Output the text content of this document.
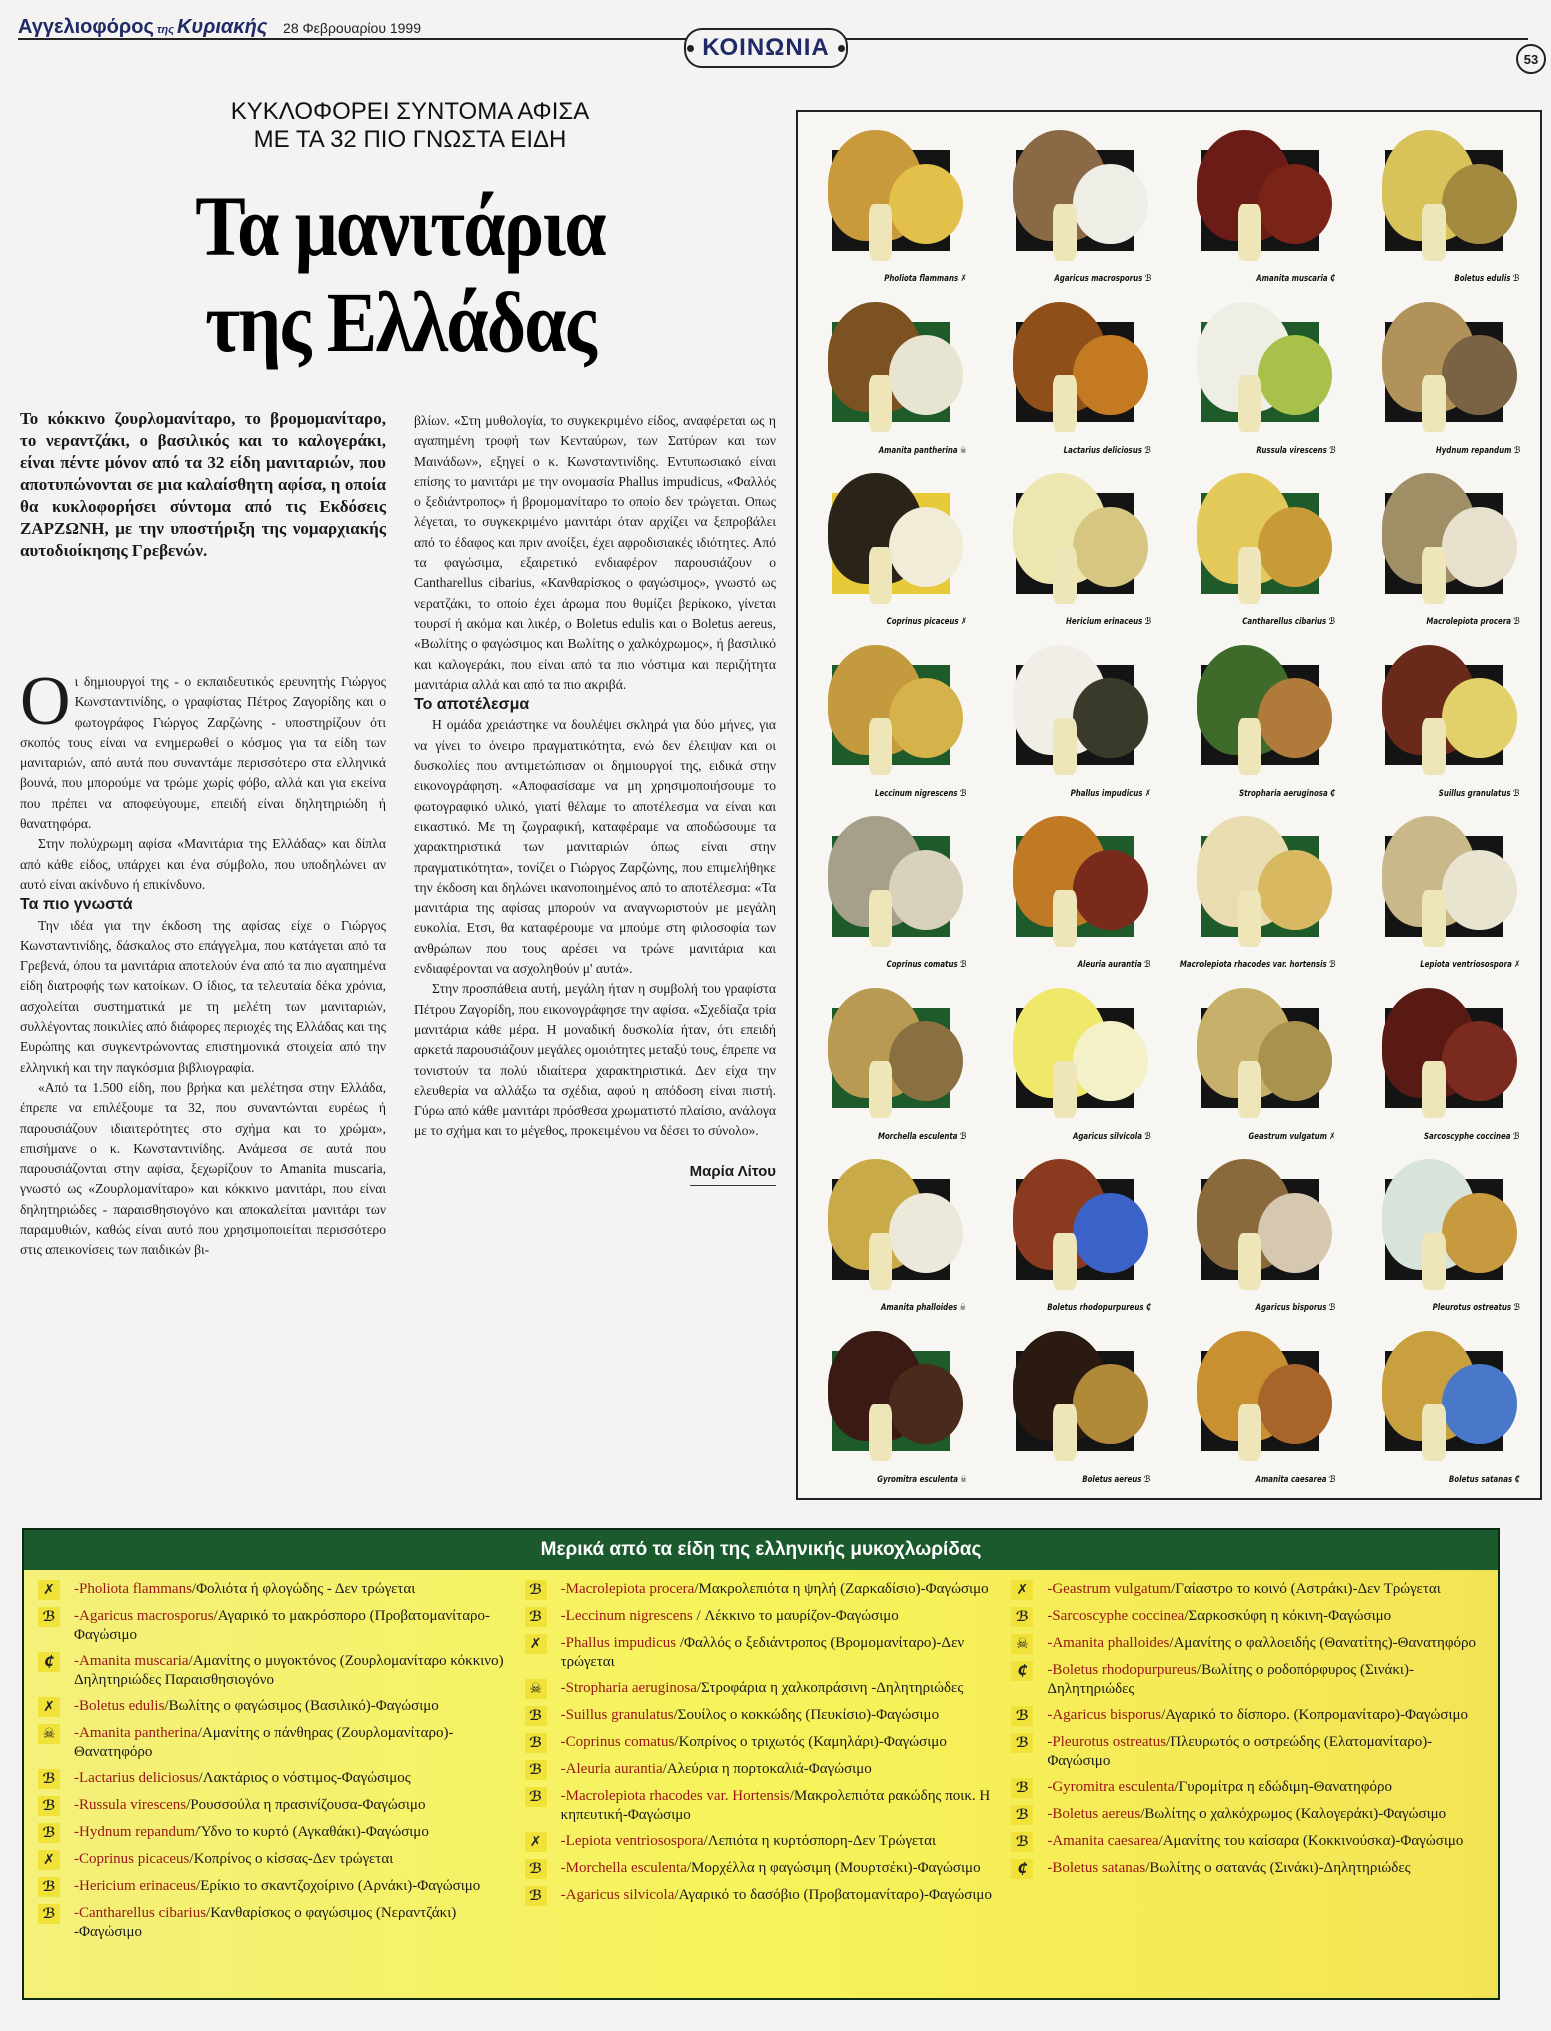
Αγγελιοφόρος της Κυριακής 28 Φεβρουαρίου 1999
ΚΟΙΝΩΝΙΑ	53
ΚΥΚΛΟΦΟΡΕΙ ΣΥΝΤΟΜΑ ΑΦΙΣΑ
ΜΕ ΤΑ 32 ΠΙΟ ΓΝΩΣΤΑ ΕΙΔΗ
Τα μανιτάρια
της Ελλάδας
Το κόκκινο ζουρλομανίταρο, το βρομομανίταρο, το νεραντζάκι, ο βασιλικός και το καλογεράκι, είναι πέντε μόνον από τα 32 είδη μανιταριών, που αποτυπώνονται σε μια καλαίσθητη αφίσα, η οποία θα κυκλοφορήσει σύντομα από τις Εκδόσεις ΖΑΡΖΩΝΗ, με την υποστήριξη της νομαρχιακής αυτοδιοίκησης Γρεβενών.

Οι δημιουργοί της - ο εκπαιδευτικός ερευνητής Γιώργος Κωνσταντινίδης, ο γραφίστας Πέτρος Ζαγορίδης και ο φωτογράφος Γιώργος Ζαρζώνης - υποστηρίζουν ότι σκοπός τους είναι να ενημερωθεί ο κόσμος για τα είδη των μανιταριών, από αυτά που συναντάμε περισσότερο στα ελληνικά βουνά, που μπορούμε να τρώμε χωρίς φόβο, αλλά και για εκείνα που πρέπει να αποφεύγουμε, επειδή είναι δηλητηριώδη ή θανατηφόρα.

Στην πολύχρωμη αφίσα «Μανιτάρια της Ελλάδας» και δίπλα από κάθε είδος, υπάρχει και ένα σύμβολο, που υποδηλώνει αν αυτό είναι ακίνδυνο ή επικίνδυνο.

Τα πιο γνωστά

Την ιδέα για την έκδοση της αφίσας είχε ο Γιώργος Κωνσταντινίδης, δάσκαλος στο επάγγελμα, που κατάγεται από τα Γρεβενά, όπου τα μανιτάρια αποτελούν ένα από τα πιο αγαπημένα είδη διατροφής των κατοίκων. Ο ίδιος, τα τελευταία δέκα χρόνια, ασχολείται συστηματικά με τη μελέτη των μανιταριών, συλλέγοντας ποικιλίες από διάφορες περιοχές της Ελλάδας και της Ευρώπης και συγκεντρώνοντας επιστημονικά στοιχεία από την ελληνική και την παγκόσμια βιβλιογραφία.

«Από τα 1.500 είδη, που βρήκα και μελέτησα στην Ελλάδα, έπρεπε να επιλέξουμε τα 32, που συναντώνται ευρέως ή παρουσιάζουν ιδιαιτερότητες στο σχήμα και το χρώμα», επισήμανε ο κ. Κωνσταντινίδης. Ανάμεσα σε αυτά που παρουσιάζονται στην αφίσα, ξεχωρίζουν το Amanita muscaria, γνωστό ως «Ζουρλομανίταρο» και κόκκινο μανιτάρι, που είναι δηλητηριώδες - παραισθησιογόνο και αποκαλείται μανιτάρι των παραμυθιών, καθώς είναι αυτό που χρησιμοποιείται περισσότερο στις απεικονίσεις των παιδικών βι-

βλίων. «Στη μυθολογία, το συγκεκριμένο είδος, αναφέρεται ως η αγαπημένη τροφή των Κενταύρων, των Σατύρων και των Μαινάδων», εξηγεί ο κ. Κωνσταντινίδης. Εντυπωσιακό είναι επίσης το μανιτάρι με την ονομασία Phallus impudicus, «Φαλλός ο ξεδιάντροπος» ή βρομομανίταρο το οποίο δεν τρώγεται. Οπως λέγεται, το συγκεκριμένο μανιτάρι όταν αρχίζει να ξεπροβάλει από το έδαφος και πριν ανοίξει, έχει αφροδισιακές ιδιότητες. Από τα φαγώσιμα, εξαιρετικό ενδιαφέρον παρουσιάζουν ο Cantharellus cibarius, «Κανθαρίσκος ο φαγώσιμος», γνωστό ως νερατζάκι, το οποίο έχει άρωμα που θυμίζει βερίκοκο, γίνεται τουρσί ή ακόμα και λικέρ, ο Boletus edulis και ο Boletus aereus, «Βωλίτης ο φαγώσιμος και Βωλίτης ο χαλκόχρωμος», ή βασιλικό και καλογεράκι, που είναι από τα πιο νόστιμα και περιζήτητα μανιτάρια αλλά και από τα πιο ακριβά.

Το αποτέλεσμα

Η ομάδα χρειάστηκε να δουλέψει σκληρά για δύο μήνες, για να γίνει το όνειρο πραγματικότητα, ενώ δεν έλειψαν και οι δυσκολίες που αντιμετώπισαν οι δημιουργοί της, ειδικά στην εικονογράφηση. «Αποφασίσαμε να μη χρησιμοποιήσουμε το φωτογραφικό υλικό, γιατί θέλαμε το αποτέλεσμα να είναι και εικαστικό. Με τη ζωγραφική, καταφέραμε να αποδώσουμε τα χαρακτηριστικά των μανιταριών όπως είναι στην πραγματικότητα», τονίζει ο Γιώργος Ζαρζώνης, που επιμελήθηκε την έκδοση και δηλώνει ικανοποιημένος από το αποτέλεσμα: «Τα μανιτάρια της αφίσας μπορούν να αναγνωριστούν με μεγάλη ευκολία. Ετσι, θα καταφέρουμε να μπούμε στη φιλοσοφία των ανθρώπων που τους αρέσει να τρώνε μανιτάρια και ενδιαφέρονται να ασχοληθούν μ' αυτά».

Στην προσπάθεια αυτή, μεγάλη ήταν η συμβολή του γραφίστα Πέτρου Ζαγορίδη, που εικονογράφησε την αφίσα. «Σχεδίαζα τρία μανιτάρια κάθε μέρα. Η μοναδική δυσκολία ήταν, ότι επειδή αρκετά παρουσιάζουν μεγάλες ομοιότητες μεταξύ τους, έπρεπε να τονιστούν τα πολύ ιδιαίτερα χαρακτηριστικά. Δεν είχα την ελευθερία να αλλάξω τα σχέδια, αφού η απόδοση είναι πιστή. Γύρω από κάθε μανιτάρι πρόσθεσα χρωματιστό πλαίσιο, ανάλογα με το σχήμα και το μέγεθος, προκειμένου να δέσει το σύνολο».

Μαρία Λίτου
Pholiota flammans ✗	Agaricus macrosporus ℬ	Amanita muscaria ₵	Boletus edulis ℬ
Amanita pantherina ☠	Lactarius deliciosus ℬ	Russula virescens ℬ	Hydnum repandum ℬ
Coprinus picaceus ✗	Hericium erinaceus ℬ	Cantharellus cibarius ℬ	Macrolepiota procera ℬ
Leccinum nigrescens ℬ	Phallus impudicus ✗	Stropharia aeruginosa ₵	Suillus granulatus ℬ
Coprinus comatus ℬ	Aleuria aurantia ℬ	Macrolepiota rhacodes var. hortensis ℬ	Lepiota ventriosospora ✗
Morchella esculenta ℬ	Agaricus silvicola ℬ	Geastrum vulgatum ✗	Sarcoscyphe coccinea ℬ
Amanita phalloides ☠	Boletus rhodopurpureus ₵	Agaricus bisporus ℬ	Pleurotus ostreatus ℬ
Gyromitra esculenta ☠	Boletus aereus ℬ	Amanita caesarea ℬ	Boletus satanas ₵
Μερικά από τα είδη της ελληνικής μυκοχλωρίδας
✗	-Pholiota flammans/Φολιότα ή φλογώδης - Δεν τρώγεται
ℬ	-Agaricus macrosporus/Αγαρικό το μακρόσπορο (Προβατομανίταρο-Φαγώσιμο
₵	-Amanita muscaria/Αμανίτης ο μυγοκτόνος (Ζουρλομανίταρο κόκκινο) Δηλητηριώδες Παραισθησιογόνο
✗	-Boletus edulis/Βωλίτης ο φαγώσιμος (Βασιλικό)-Φαγώσιμο
☠	-Amanita pantherina/Αμανίτης ο πάνθηρας (Ζουρλομανίταρο)-Θανατηφόρο
ℬ	-Lactarius deliciosus/Λακτάριος ο νόστιμος-Φαγώσιμος
ℬ	-Russula virescens/Ρουσσούλα η πρασινίζουσα-Φαγώσιμο
ℬ	-Hydnum repandum/Ύδνο το κυρτό (Αγκαθάκι)-Φαγώσιμο
✗	-Coprinus picaceus/Κοπρίνος ο κίσσας-Δεν τρώγεται
ℬ	-Hericium erinaceus/Ερίκιο το σκαντζοχοίρινο (Αρνάκι)-Φαγώσιμο
ℬ	-Cantharellus cibarius/Κανθαρίσκος ο φαγώσιμος (Νεραντζάκι) -Φαγώσιμο
ℬ	-Macrolepiota procera/Μακρολεπιότα η ψηλή (Ζαρκαδίσιο)-Φαγώσιμο
ℬ	-Leccinum nigrescens / Λέκκινο το μαυρίζον-Φαγώσιμο
✗	-Phallus impudicus /Φαλλός ο ξεδιάντροπος (Βρομομανίταρο)-Δεν τρώγεται
☠	-Stropharia aeruginosa/Στροφάρια η χαλκοπράσινη -Δηλητηριώδες
ℬ	-Suillus granulatus/Σουίλος ο κοκκώδης (Πευκίσιο)-Φαγώσιμο
ℬ	-Coprinus comatus/Κοπρίνος ο τριχωτός (Καμηλάρι)-Φαγώσιμο
ℬ	-Aleuria aurantia/Αλεύρια η πορτοκαλιά-Φαγώσιμο
ℬ	-Macrolepiota rhacodes var. Hortensis/Μακρολεπιότα ρακώδης ποικ. Η κηπευτική-Φαγώσιμο
✗	-Lepiota ventriosospora/Λεπιότα η κυρτόσπορη-Δεν Τρώγεται
ℬ	-Morchella esculenta/Μορχέλλα η φαγώσιμη (Μουρτσέκι)-Φαγώσιμο
ℬ	-Agaricus silvicola/Αγαρικό το δασόβιο (Προβατομανίταρο)-Φαγώσιμο
✗	-Geastrum vulgatum/Γαίαστρο το κοινό (Αστράκι)-Δεν Τρώγεται
ℬ	-Sarcoscyphe coccinea/Σαρκοσκύφη η κόκινη-Φαγώσιμο
☠	-Amanita phalloides/Αμανίτης ο φαλλοειδής (Θανατίτης)-Θανατηφόρο
₵	-Boletus rhodopurpureus/Βωλίτης ο ροδοπόρφυρος (Σινάκι)-Δηλητηριώδες
ℬ	-Agaricus bisporus/Αγαρικό το δίσπορο. (Κοπρομανίταρο)-Φαγώσιμο
ℬ	-Pleurotus ostreatus/Πλευρωτός ο οστρεώδης (Ελατομανίταρο)-Φαγώσιμο
ℬ	-Gyromitra esculenta/Γυρομίτρα η εδώδιμη-Θανατηφόρο
ℬ	-Boletus aereus/Βωλίτης ο χαλκόχρωμος (Καλογεράκι)-Φαγώσιμο
ℬ	-Amanita caesarea/Αμανίτης του καίσαρα (Κοκκινούσκα)-Φαγώσιμο
₵	-Boletus satanas/Βωλίτης ο σατανάς (Σινάκι)-Δηλητηριώδες
